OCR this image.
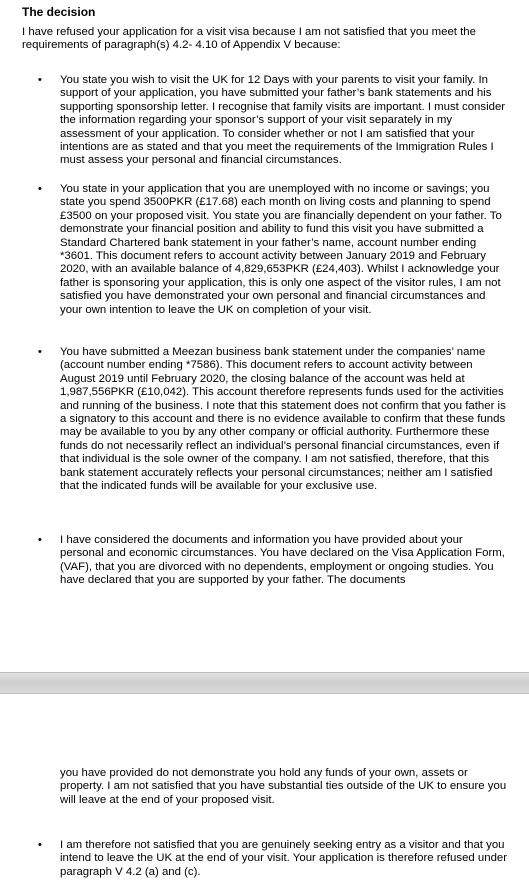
The decision

I have refused your application for a visit visa because I am not satisfied that you meet the requirements of paragraph(s) 4.2- 4.10 of Appendix V because:

• You state you wish to visit the UK for 12 Days with your parents to visit your family. In support of your application, you have submitted your father’s bank statements and his supporting sponsorship letter. I recognise that family visits are important. I must consider the information regarding your sponsor’s support of your visit separately in my assessment of your application. To consider whether or not I am satisfied that your intentions are as stated and that you meet the requirements of the Immigration Rules I must assess your personal and financial circumstances.
• You state in your application that you are unemployed with no income or savings; you state you spend 3500PKR (£17.68) each month on living costs and planning to spend £3500 on your proposed visit. You state you are financially dependent on your father. To demonstrate your financial position and ability to fund this visit you have submitted a Standard Chartered bank statement in your father’s name, account number ending *3601. This document refers to account activity between January 2019 and February 2020, with an available balance of 4,829,653PKR (£24,403). Whilst I acknowledge your father is sponsoring your application, this is only one aspect of the visitor rules, I am not satisfied you have demonstrated your own personal and financial circumstances and your own intention to leave the UK on completion of your visit.
• You have submitted a Meezan business bank statement under the companies’ name (account number ending *7586). This document refers to account activity between August 2019 until February 2020, the closing balance of the account was held at 1,987,556PKR (£10,042). This account therefore represents funds used for the activities and running of the business. I note that this statement does not confirm that you father is a signatory to this account and there is no evidence available to confirm that these funds may be available to you by any other company or official authority. Furthermore these funds do not necessarily reflect an individual’s personal financial circumstances, even if that individual is the sole owner of the company. I am not satisfied, therefore, that this bank statement accurately reflects your personal circumstances; neither am I satisfied that the indicated funds will be available for your exclusive use.
• I have considered the documents and information you have provided about your personal and economic circumstances. You have declared on the Visa Application Form, (VAF), that you are divorced with no dependents, employment or ongoing studies. You have declared that you are supported by your father. The documents

you have provided do not demonstrate you hold any funds of your own, assets or property. I am not satisfied that you have substantial ties outside of the UK to ensure you will leave at the end of your proposed visit.

• I am therefore not satisfied that you are genuinely seeking entry as a visitor and that you intend to leave the UK at the end of your visit. Your application is therefore refused under paragraph V 4.2 (a) and (c).
